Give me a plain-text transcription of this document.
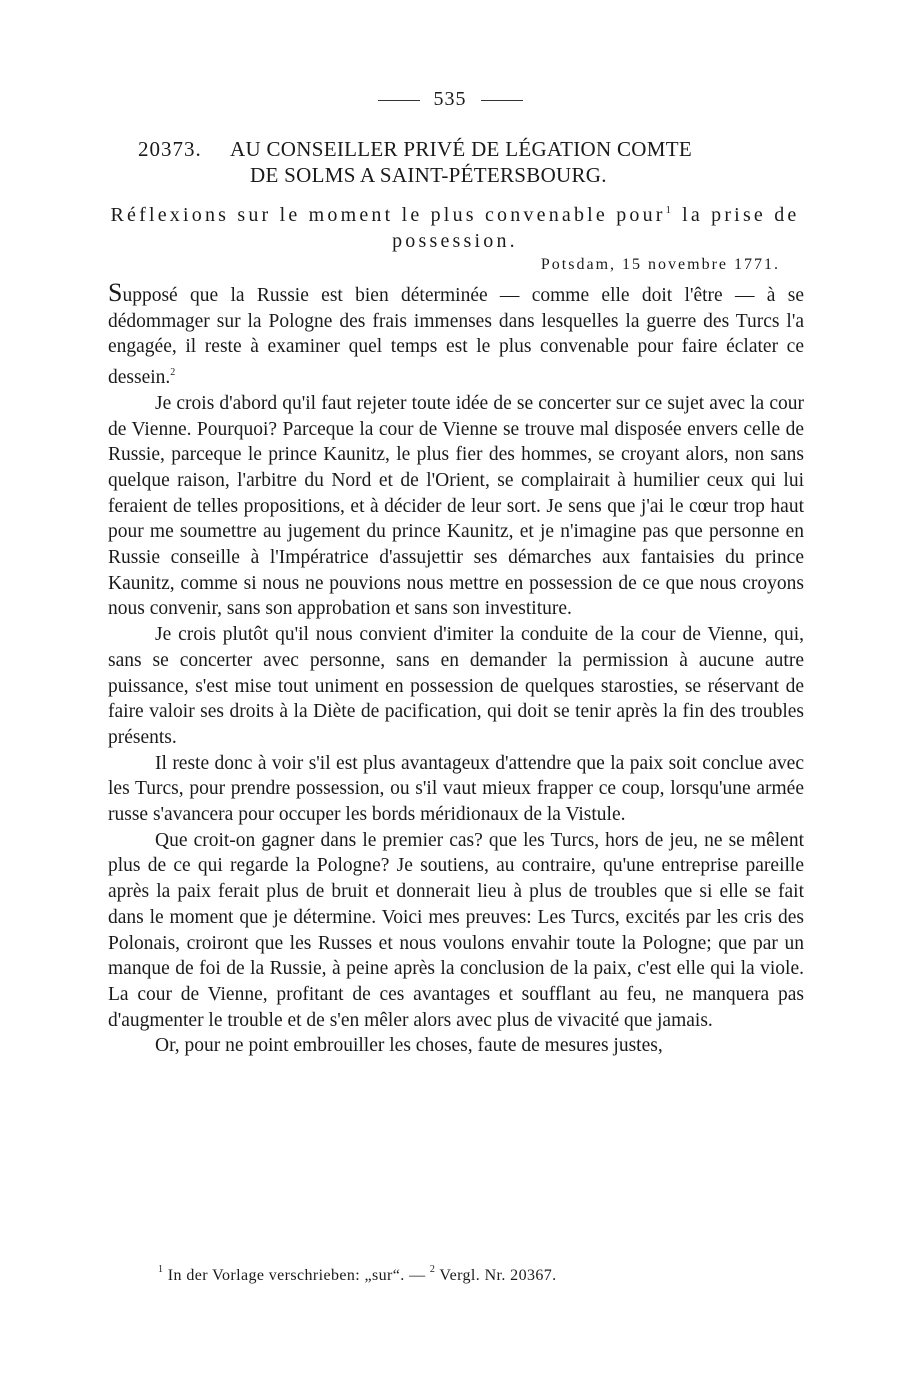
535
20373. AU CONSEILLER PRIVÉ DE LÉGATION COMTE
DE SOLMS A SAINT-PÉTERSBOURG.
Réflexions sur le moment le plus convenable pour$^1$ la prise de possession.
Potsdam, 15 novembre 1771.

Supposé que la Russie est bien déterminée — comme elle doit l'être — à se dédommager sur la Pologne des frais immenses dans lesquelles la guerre des Turcs l'a engagée, il reste à examiner quel temps est le plus convenable pour faire éclater ce dessein.$^2$

Je crois d'abord qu'il faut rejeter toute idée de se concerter sur ce sujet avec la cour de Vienne. Pourquoi? Parceque la cour de Vienne se trouve mal disposée envers celle de Russie, parceque le prince Kaunitz, le plus fier des hommes, se croyant alors, non sans quelque raison, l'arbitre du Nord et de l'Orient, se complairait à humilier ceux qui lui feraient de telles propositions, et à décider de leur sort. Je sens que j'ai le cœur trop haut pour me soumettre au jugement du prince Kaunitz, et je n'imagine pas que personne en Russie conseille à l'Impératrice d'assujettir ses démarches aux fantaisies du prince Kaunitz, comme si nous ne pouvions nous mettre en possession de ce que nous croyons nous convenir, sans son approbation et sans son investiture.

Je crois plutôt qu'il nous convient d'imiter la conduite de la cour de Vienne, qui, sans se concerter avec personne, sans en demander la permission à aucune autre puissance, s'est mise tout uniment en possession de quelques starosties, se réservant de faire valoir ses droits à la Diète de pacification, qui doit se tenir après la fin des troubles présents.

Il reste donc à voir s'il est plus avantageux d'attendre que la paix soit conclue avec les Turcs, pour prendre possession, ou s'il vaut mieux frapper ce coup, lorsqu'une armée russe s'avancera pour occuper les bords méridionaux de la Vistule.

Que croit-on gagner dans le premier cas? que les Turcs, hors de jeu, ne se mêlent plus de ce qui regarde la Pologne? Je soutiens, au contraire, qu'une entreprise pareille après la paix ferait plus de bruit et donnerait lieu à plus de troubles que si elle se fait dans le moment que je détermine. Voici mes preuves: Les Turcs, excités par les cris des Polonais, croiront que les Russes et nous voulons envahir toute la Pologne; que par un manque de foi de la Russie, à peine après la conclusion de la paix, c'est elle qui la viole. La cour de Vienne, profitant de ces avantages et soufflant au feu, ne manquera pas d'augmenter le trouble et de s'en mêler alors avec plus de vivacité que jamais.

Or, pour ne point embrouiller les choses, faute de mesures justes,

$^1$ In der Vorlage verschrieben: „sur“. — $^2$ Vergl. Nr. 20367.
